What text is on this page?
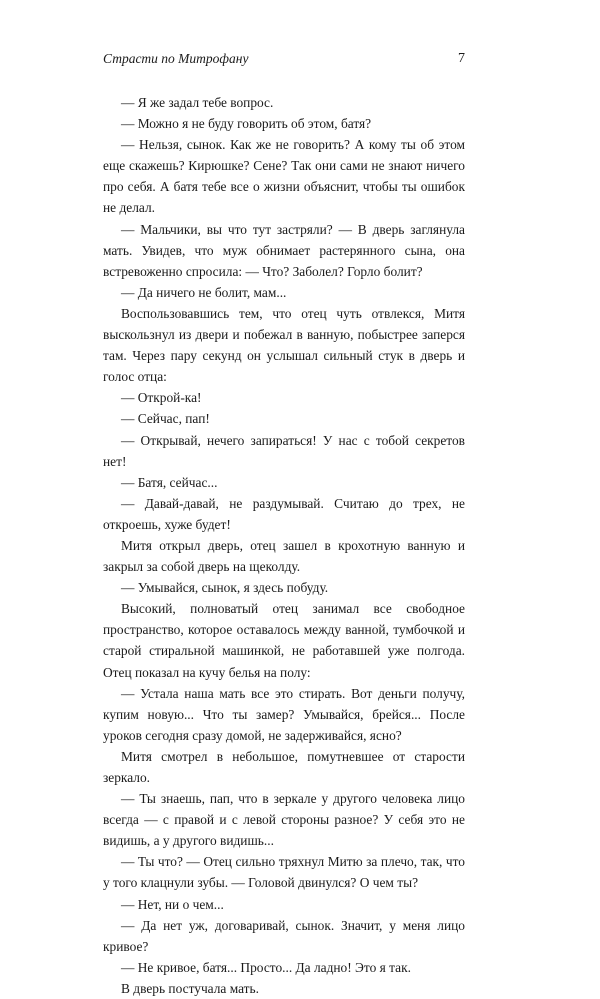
Страсти по Митрофану	7

— Я же задал тебе вопрос.

— Можно я не буду говорить об этом, батя?

— Нельзя, сынок. Как же не говорить? А кому ты об этом еще скажешь? Кирюшке? Сене? Так они сами не знают ничего про себя. А батя тебе все о жизни объяснит, чтобы ты ошибок не делал.

— Мальчики, вы что тут застряли? — В дверь заглянула мать. Увидев, что муж обнимает растерянного сына, она встревоженно спросила: — Что? Заболел? Горло болит?

— Да ничего не болит, мам...

Воспользовавшись тем, что отец чуть отвлекся, Митя выскользнул из двери и побежал в ванную, побыстрее заперся там. Через пару секунд он услышал сильный стук в дверь и голос отца:

— Открой-ка!

— Сейчас, пап!

— Открывай, нечего запираться! У нас с тобой секретов нет!

— Батя, сейчас...

— Давай-давай, не раздумывай. Считаю до трех, не откроешь, хуже будет!

Митя открыл дверь, отец зашел в крохотную ванную и закрыл за собой дверь на щеколду.

— Умывайся, сынок, я здесь побуду.

Высокий, полноватый отец занимал все свободное пространство, которое оставалось между ванной, тумбочкой и старой стиральной машинкой, не работавшей уже полгода. Отец показал на кучу белья на полу:

— Устала наша мать все это стирать. Вот деньги получу, купим новую... Что ты замер? Умывайся, брейся... После уроков сегодня сразу домой, не задерживайся, ясно?

Митя смотрел в небольшое, помутневшее от старости зеркало.

— Ты знаешь, пап, что в зеркале у другого человека лицо всегда — с правой и с левой стороны разное? У себя это не видишь, а у другого видишь...

— Ты что? — Отец сильно тряхнул Митю за плечо, так, что у того клацнули зубы. — Головой двинулся? О чем ты?

— Нет, ни о чем...

— Да нет уж, договаривай, сынок. Значит, у меня лицо кривое?

— Не кривое, батя... Просто... Да ладно! Это я так.

В дверь постучала мать.
